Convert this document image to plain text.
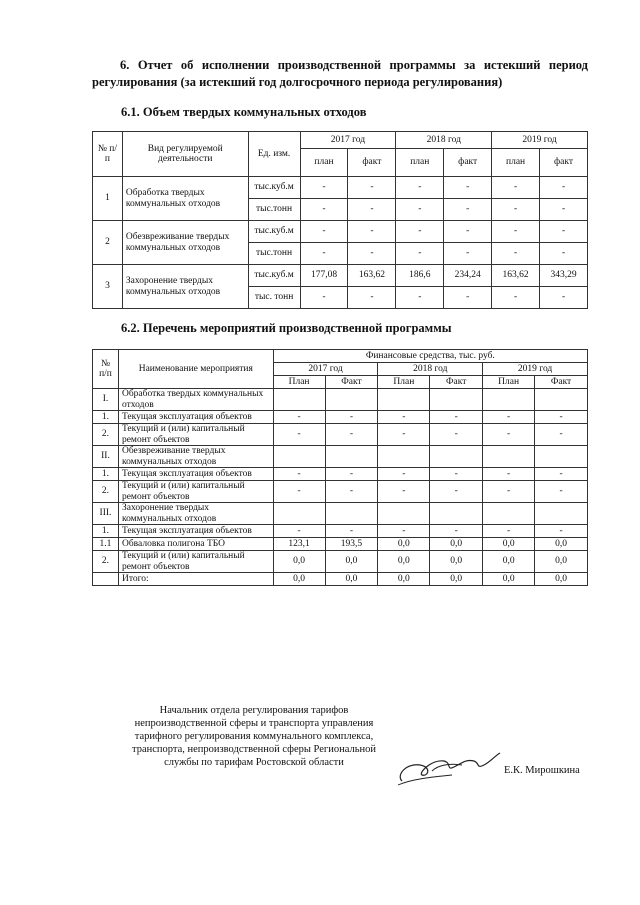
6. Отчет об исполнении производственной программы за истекший период регулирования (за истекший год долгосрочного периода регулирования)
6.1. Объем твердых коммунальных отходов
№ п/п	Вид регулируемой деятельности	Ед. изм.	2017 год		2018 год		2019 год	
			план	факт	план	факт	план	факт
1	Обработка твердых коммунальных отходов	тыс.куб.м	-	-	-	-	-	-
		тыс.тонн	-	-	-	-	-	-
2	Обезвреживание твердых коммунальных отходов	тыс.куб.м	-	-	-	-	-	-
		тыс.тонн	-	-	-	-	-	-
3	Захоронение твердых коммунальных отходов	тыс.куб.м	177,08	163,62	186,6	234,24	163,62	343,29
		тыс. тонн	-	-	-	-	-	-
6.2. Перечень мероприятий производственной программы
№ п/п	Наименование мероприятия	Финансовые средства, тыс. руб.					
		2017 год		2018 год		2019 год	
		План	Факт	План	Факт	План	Факт
I.	Обработка твердых коммунальных отходов						
1.	Текущая эксплуатация объектов	-	-	-	-	-	-
2.	Текущий и (или) капитальный ремонт объектов	-	-	-	-	-	-
II.	Обезвреживание твердых коммунальных отходов						
1.	Текущая эксплуатация объектов	-	-	-	-	-	-
2.	Текущий и (или) капитальный ремонт объектов	-	-	-	-	-	-
III.	Захоронение твердых коммунальных отходов						
1.	Текущая эксплуатация объектов	-	-	-	-	-	-
1.1	Обваловка полигона ТБО	123,1	193,5	0,0	0,0	0,0	0,0
2.	Текущий и (или) капитальный ремонт объектов	0,0	0,0	0,0	0,0	0,0	0,0
	Итого:	0,0	0,0	0,0	0,0	0,0	0,0
Начальник отдела регулирования тарифов
непроизводственной сферы и транспорта управления
тарифного регулирования коммунального комплекса,
транспорта, непроизводственной сферы Региональной
службы по тарифам Ростовской области
Е.К. Мирошкина
